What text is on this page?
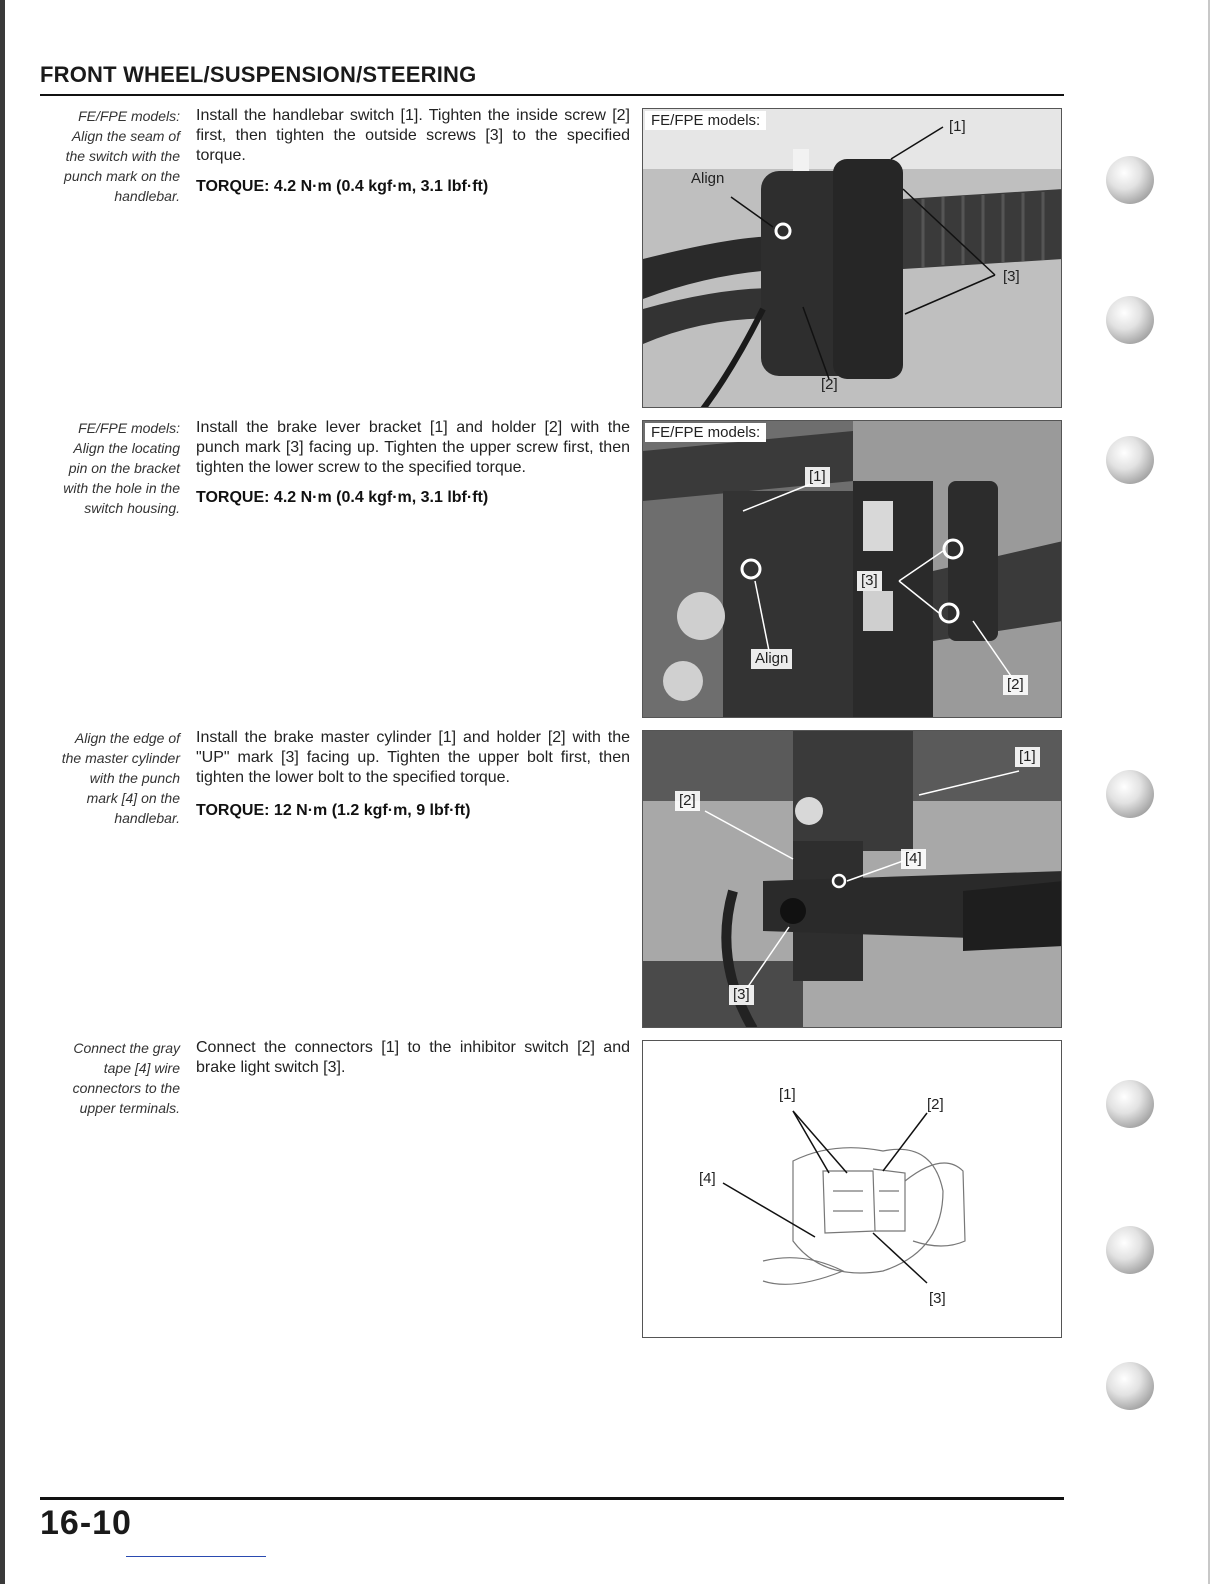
FRONT WHEEL/SUSPENSION/STEERING
FE/FPE models:
Align the seam of
the switch with the
punch mark on the
handlebar.

Install the handlebar switch [1]. Tighten the inside screw [2] first, then tighten the outside screws [3] to the specified torque.

TORQUE: 4.2 N·m (0.4 kgf·m, 3.1 lbf·ft)
FE/FPE models:	[1]
Align
[3]
[2]
FE/FPE models:
Align the locating
pin on the bracket
with the hole in the
switch housing.

Install the brake lever bracket [1] and holder [2] with the punch mark [3] facing up. Tighten the upper screw first, then tighten the lower screw to the specified torque.

TORQUE: 4.2 N·m (0.4 kgf·m, 3.1 lbf·ft)
FE/FPE models:
[1]
[3]
Align
[2]
Align the edge of
the master cylinder
with the punch
mark [4] on the
handlebar.

Install the brake master cylinder [1] and holder [2] with the "UP" mark [3] facing up. Tighten the upper bolt first, then tighten the lower bolt to the specified torque.

TORQUE: 12 N·m (1.2 kgf·m, 9 lbf·ft)
[1]
[2]
[4]
[3]
Connect the gray
tape [4] wire
connectors to the
upper terminals.

Connect the connectors [1] to the inhibitor switch [2] and brake light switch [3].

[1]
[2]
[4]
[3]
16-10
